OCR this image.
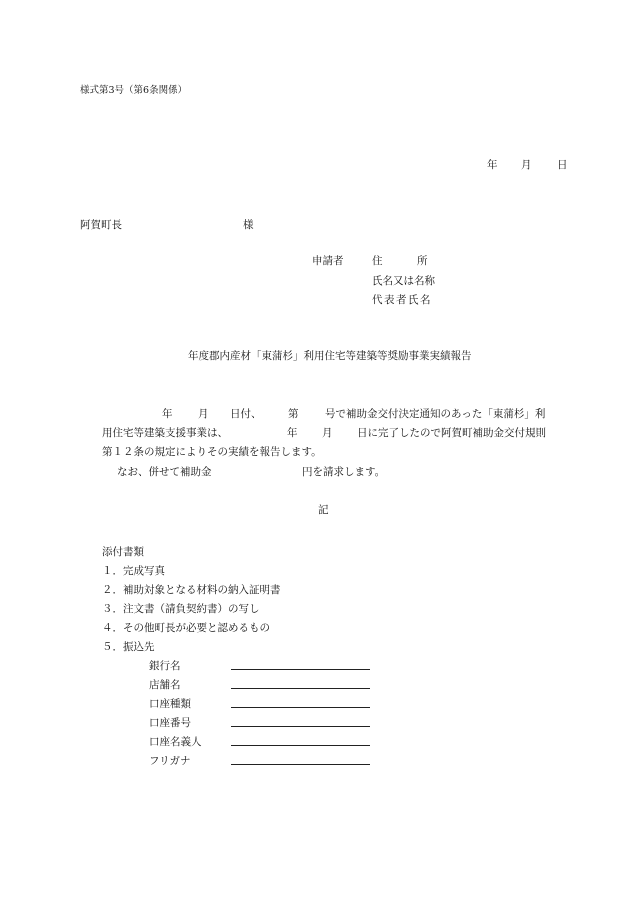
様式第3号（第6条関係）
年 月 日
阿賀町長	様
申請者	住	所
氏名又は名称
代表者氏名
年度郡内産材「東蒲杉」利用住宅等建築等奨励事業実績報告
年 月 日付、	第	号で補助金交付決定通知のあった「東蒲杉」利
用住宅等建築支援事業は、	年 月 日に完了したので阿賀町補助金交付規則
第１２条の規定によりその実績を報告します。
なお、併せて補助金	円を請求します。
記
添付書類
１．完成写真
２．補助対象となる材料の納入証明書
３．注文書（請負契約書）の写し
４．その他町長が必要と認めるもの
５．振込先
銀行名
店舗名
口座種類
口座番号
口座名義人
フリガナ
